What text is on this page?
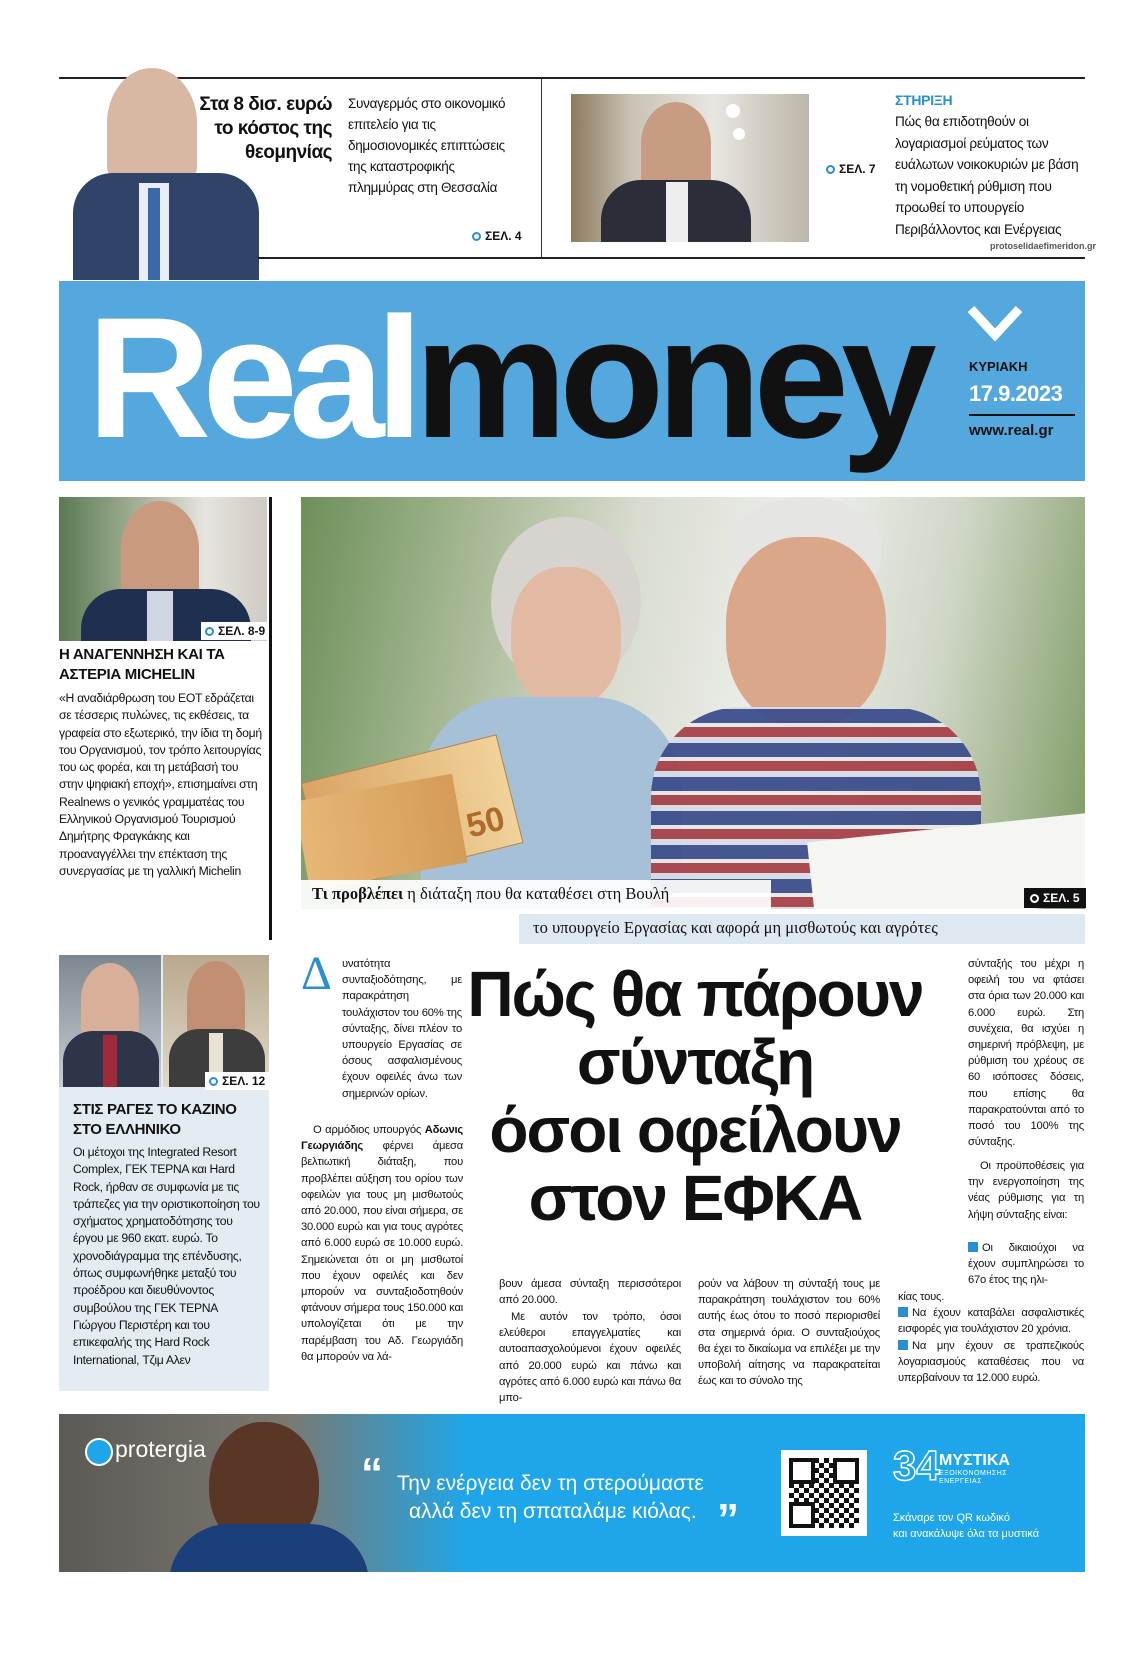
Στα 8 δισ. ευρώ το κόστος της θεομηνίας
Συναγερμός στο οικονομικό επιτελείο για τις δημοσιονομικές επιπτώσεις της καταστροφικής πλημμύρας στη Θεσσαλία
ΣΕΛ. 4
ΣΕΛ. 7
ΣΤΗΡΙΞΗ
Πώς θα επιδοτηθούν οι λογαριασμοί ρεύματος των ευάλωτων νοικοκυριών με βάση τη νομοθετική ρύθμιση που προωθεί το υπουργείο Περιβάλλοντος και Ενέργειας
protoselidaefimeridon.gr
Realmoney	ΚΥΡΙΑΚΗ
17.9.2023
www.real.gr
ΣΕΛ. 8-9
Η ΑΝΑΓΕΝΝΗΣΗ ΚΑΙ ΤΑ ΑΣΤΕΡΙΑ MICHELIN
«Η αναδιάρθρωση του ΕΟΤ εδράζεται σε τέσσερις πυλώνες, τις εκθέσεις, τα γραφεία στο εξωτερικό, την ίδια τη δομή του Οργανισμού, τον τρόπο λειτουργίας του ως φορέα, και τη μετάβασή του στην ψηφιακή εποχή», επισημαίνει στη Realnews ο γενικός γραμματέας του Ελληνικού Οργανισμού Τουρισμού Δημήτρης Φραγκάκης και προαναγγέλλει την επέκταση της συνεργασίας με τη γαλλική Michelin
ΣΕΛ. 12
ΣΤΙΣ ΡΑΓΕΣ ΤΟ ΚΑΖΙΝΟ ΣΤΟ ΕΛΛΗΝΙΚΟ
Οι μέτοχοι της Integrated Resort Complex, ΓΕΚ ΤΕΡΝΑ και Hard Rock, ήρθαν σε συμφωνία με τις τράπεζες για την οριστικοποίηση του σχήματος χρηματοδότησης του έργου με 960 εκατ. ευρώ. Το χρονοδιάγραμμα της επένδυσης, όπως συμφωνήθηκε μεταξύ του προέδρου και διευθύνοντος συμβούλου της ΓΕΚ ΤΕΡΝΑ Γιώργου Περιστέρη και του επικεφαλής της Hard Rock International, Τζιμ Αλεν
50
Τι προβλέπει η διάταξη που θα καταθέσει στη Βουλή	ΣΕΛ. 5
το υπουργείο Εργασίας και αφορά μη μισθωτούς και αγρότες
Δ υνατότητα συνταξιοδότησης, με παρακράτηση τουλάχιστον του 60% της σύνταξης, δίνει πλέον το υπουργείο Εργασίας σε όσους ασφαλισμένους έχουν οφειλές άνω των σημερινών ορίων.
Ο αρμόδιος υπουργός Αδωνις Γεωργιάδης φέρνει άμεσα βελτιωτική διάταξη, που προβλέπει αύξηση του ορίου των οφειλών για τους μη μισθωτούς από 20.000, που είναι σήμερα, σε 30.000 ευρώ και για τους αγρότες από 6.000 ευρώ σε 10.000 ευρώ. Σημειώνεται ότι οι μη μισθωτοί που έχουν οφειλές και δεν μπορούν να συνταξιοδοτηθούν φτάνουν σήμερα τους 150.000 και υπολογίζεται ότι με την παρέμβαση του Αδ. Γεωργιάδη θα μπορούν να λά-
Πώς θα πάρουν
σύνταξη
όσοι οφείλουν
στον ΕΦΚΑ
βουν άμεσα σύνταξη περισσότεροι από 20.000.
Με αυτόν τον τρόπο, όσοι ελεύθεροι επαγγελματίες και αυτοαπασχολούμενοι έχουν οφειλές από 20.000 ευρώ και πάνω και αγρότες από 6.000 ευρώ και πάνω θα μπο-
ρούν να λάβουν τη σύνταξή τους με παρακράτηση τουλάχιστον του 60% αυτής έως ότου το ποσό περιορισθεί στα σημερινά όρια. Ο συνταξιούχος θα έχει το δικαίωμα να επιλέξει με την υποβολή αίτησης να παρακρατείται έως και το σύνολο της
σύνταξής του μέχρι η οφειλή του να φτάσει στα όρια των 20.000 και 6.000 ευρώ. Στη συνέχεια, θα ισχύει η σημερινή πρόβλεψη, με ρύθμιση του χρέους σε 60 ισόποσες δόσεις, που επίσης θα παρακρατούνται από το ποσό του 100% της σύνταξης.
Οι προϋποθέσεις για την ενεργοποίηση της νέας ρύθμισης για τη λήψη σύνταξης είναι:
Οι δικαιούχοι να έχουν συμπληρώσει το 67ο έτος της ηλι-
κίας τους.
Να έχουν καταβάλει ασφαλιστικές εισφορές για τουλάχιστον 20 χρόνια.
Να μην έχουν σε τραπεζικούς λογαριασμούς καταθέσεις που να υπερβαίνουν τα 12.000 ευρώ.
protergia	“ Την ενέργεια δεν τη στερούμαστε
αλλά δεν τη σπαταλάμε κιόλας. ”
34 ΜΥΣΤΙΚΑ
ΕΞΟΙΚΟΝΟΜΗΣΗΣ
ΕΝΕΡΓΕΙΑΣ
Σκάναρε τον QR κωδικό
και ανακάλυψε όλα τα μυστικά
